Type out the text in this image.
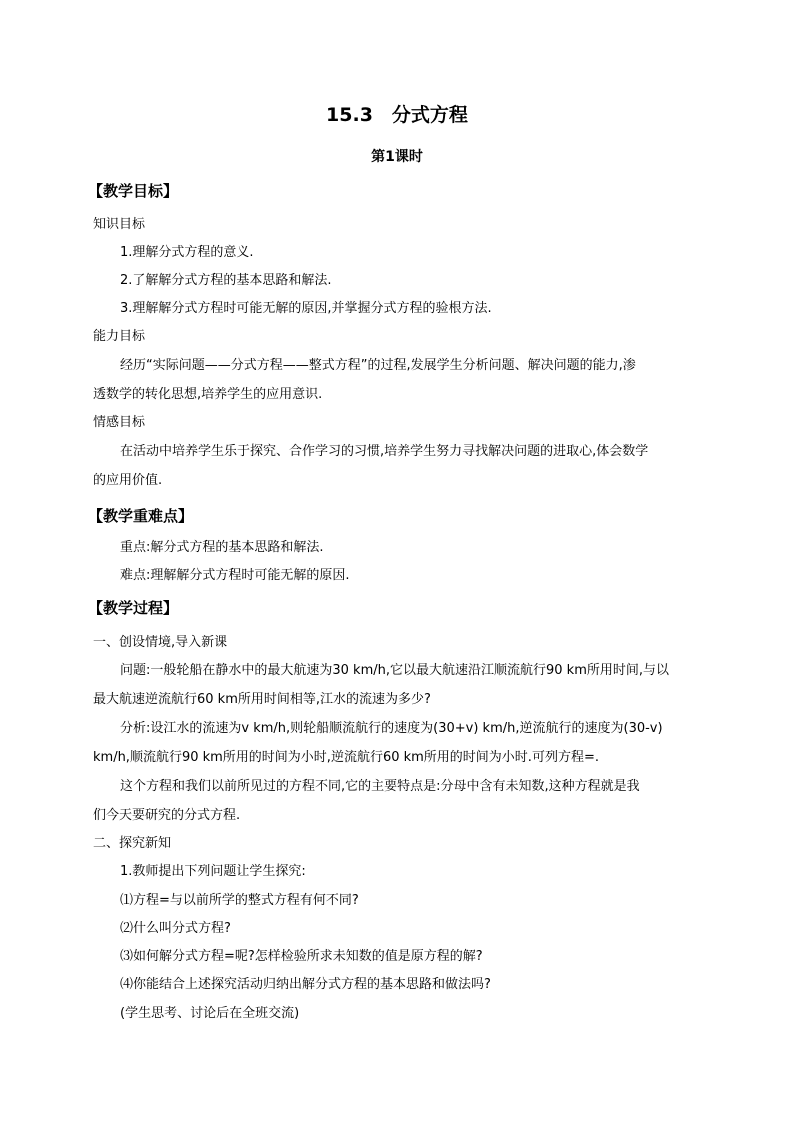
15.3　分式方程
第1课时
【教学目标】
知识目标
1.理解分式方程的意义.
2.了解解分式方程的基本思路和解法.
3.理解解分式方程时可能无解的原因,并掌握分式方程的验根方法.
能力目标
经历“实际问题——分式方程——整式方程”的过程,发展学生分析问题、解决问题的能力,渗
透数学的转化思想,培养学生的应用意识.
情感目标
在活动中培养学生乐于探究、合作学习的习惯,培养学生努力寻找解决问题的进取心,体会数学
的应用价值.
【教学重难点】
重点:解分式方程的基本思路和解法.
难点:理解解分式方程时可能无解的原因.
【教学过程】
一、创设情境,导入新课
问题:一般轮船在静水中的最大航速为30 km/h,它以最大航速沿江顺流航行90 km所用时间,与以
最大航速逆流航行60 km所用时间相等,江水的流速为多少?
分析:设江水的流速为v km/h,则轮船顺流航行的速度为(30+v) km/h,逆流航行的速度为(30-v)
km/h,顺流航行90 km所用的时间为小时,逆流航行60 km所用的时间为小时.可列方程=.
这个方程和我们以前所见过的方程不同,它的主要特点是:分母中含有未知数,这种方程就是我
们今天要研究的分式方程.
二、探究新知
1.教师提出下列问题让学生探究:
⑴方程=与以前所学的整式方程有何不同?
⑵什么叫分式方程?
⑶如何解分式方程=呢?怎样检验所求未知数的值是原方程的解?
⑷你能结合上述探究活动归纳出解分式方程的基本思路和做法吗?
(学生思考、讨论后在全班交流)
